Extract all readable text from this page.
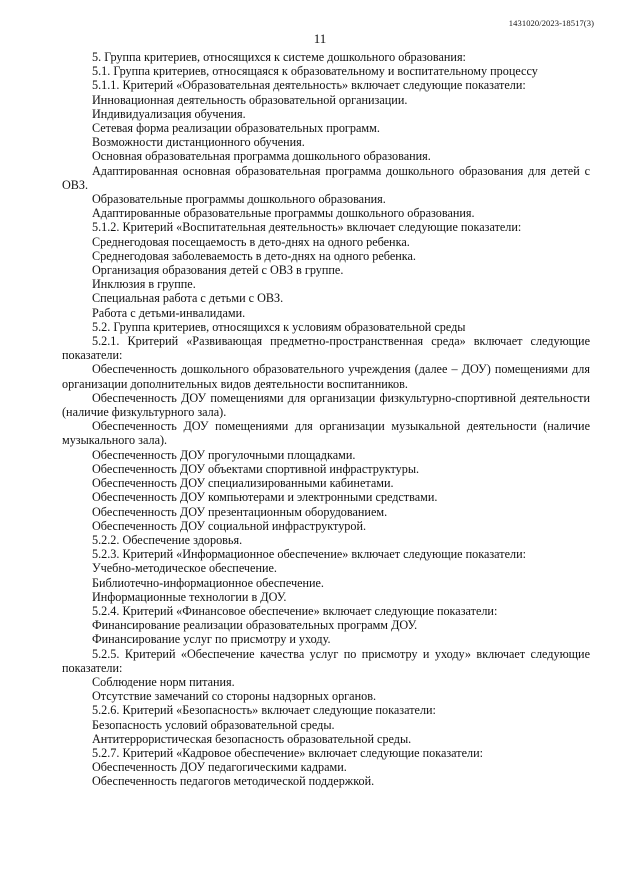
1431020/2023-18517(3)
11

5. Группа критериев, относящихся к системе дошкольного образования:

5.1. Группа критериев, относящаяся к образовательному и воспитательному процессу

5.1.1. Критерий «Образовательная деятельность» включает следующие показатели:

Инновационная деятельность образовательной организации.

Индивидуализация обучения.

Сетевая форма реализации образовательных программ.

Возможности дистанционного обучения.

Основная образовательная программа дошкольного образования.

Адаптированная основная образовательная программа дошкольного образования для детей с ОВЗ.

Образовательные программы дошкольного образования.

Адаптированные образовательные программы дошкольного образования.

5.1.2. Критерий «Воспитательная деятельность» включает следующие показатели:

Среднегодовая посещаемость в дето-днях на одного ребенка.

Среднегодовая заболеваемость в дето-днях на одного ребенка.

Организация образования детей с ОВЗ в группе.

Инклюзия в группе.

Специальная работа с детьми с ОВЗ.

Работа с детьми-инвалидами.

5.2. Группа критериев, относящихся к условиям образовательной среды

5.2.1. Критерий «Развивающая предметно-пространственная среда» включает следующие показатели:

Обеспеченность дошкольного образовательного учреждения (далее – ДОУ) помещениями для организации дополнительных видов деятельности воспитанников.

Обеспеченность ДОУ помещениями для организации физкультурно-спортивной деятельности (наличие физкультурного зала).

Обеспеченность ДОУ помещениями для организации музыкальной деятельности (наличие музыкального зала).

Обеспеченность ДОУ прогулочными площадками.

Обеспеченность ДОУ объектами спортивной инфраструктуры.

Обеспеченность ДОУ специализированными кабинетами.

Обеспеченность ДОУ компьютерами и электронными средствами.

Обеспеченность ДОУ презентационным оборудованием.

Обеспеченность ДОУ социальной инфраструктурой.

5.2.2. Обеспечение здоровья.

5.2.3. Критерий «Информационное обеспечение» включает следующие показатели:

Учебно-методическое обеспечение.

Библиотечно-информационное обеспечение.

Информационные технологии в ДОУ.

5.2.4. Критерий «Финансовое обеспечение» включает следующие показатели:

Финансирование реализации образовательных программ ДОУ.

Финансирование услуг по присмотру и уходу.

5.2.5. Критерий «Обеспечение качества услуг по присмотру и уходу» включает следующие показатели:

Соблюдение норм питания.

Отсутствие замечаний со стороны надзорных органов.

5.2.6. Критерий «Безопасность» включает следующие показатели:

Безопасность условий образовательной среды.

Антитеррористическая безопасность образовательной среды.

5.2.7. Критерий «Кадровое обеспечение» включает следующие показатели:

Обеспеченность ДОУ педагогическими кадрами.

Обеспеченность педагогов методической поддержкой.
